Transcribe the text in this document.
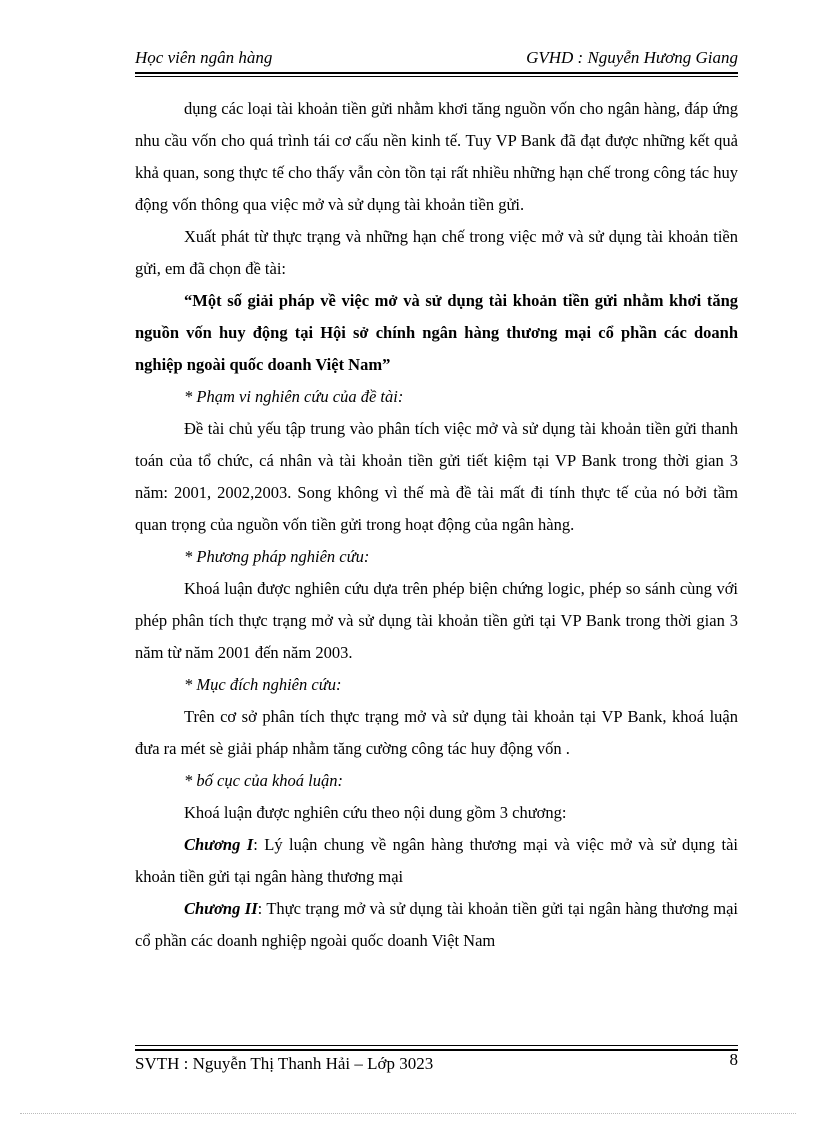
Học viên ngân hàng	GVHD : Nguyễn Hương Giang

dụng các loại tài khoản tiền gửi nhằm khơi tăng nguồn vốn cho ngân hàng, đáp ứng nhu cầu vốn cho quá trình tái cơ cấu nền kinh tế. Tuy VP Bank đã đạt được những kết quả khả quan, song thực tế cho thấy vẫn còn tồn tại rất nhiều những hạn chế trong công tác huy động vốn thông qua việc mở và sử dụng tài khoản tiền gửi.

Xuất phát từ thực trạng và những hạn chế trong việc mở và sử dụng tài khoản tiền gửi, em đã chọn đề tài:

“Một số giải pháp về việc mở và sử dụng tài khoản tiền gửi nhằm khơi tăng nguồn vốn huy động tại Hội sở chính ngân hàng thương mại cổ phần các doanh nghiệp ngoài quốc doanh Việt Nam”

* Phạm vi nghiên cứu của đề tài:

Đề tài chủ yếu tập trung vào phân tích việc mở và sử dụng tài khoản tiền gửi thanh toán của tổ chức, cá nhân và tài khoản tiền gửi tiết kiệm tại VP Bank trong thời gian 3 năm: 2001, 2002,2003. Song không vì thế mà đề tài mất đi tính thực tế của nó bởi tầm quan trọng của nguồn vốn tiền gửi trong hoạt động của ngân hàng.

* Phương pháp nghiên cứu:

Khoá luận được nghiên cứu dựa trên phép biện chứng logic, phép so sánh cùng với phép phân tích thực trạng mở và sử dụng tài khoản tiền gửi tại VP Bank trong thời gian 3 năm từ năm 2001 đến năm 2003.

* Mục đích nghiên cứu:

Trên cơ sở phân tích thực trạng mở và sử dụng tài khoản tại VP Bank, khoá luận đưa ra mét sè giải pháp nhằm tăng cường công tác huy động vốn .

* bố cục của khoá luận:

Khoá luận được nghiên cứu theo nội dung gồm 3 chương:

Chương I: Lý luận chung về ngân hàng thương mại và việc mở và sử dụng tài khoản tiền gửi tại ngân hàng thương mại

Chương II: Thực trạng mở và sử dụng tài khoản tiền gửi tại ngân hàng thương mại cổ phần các doanh nghiệp ngoài quốc doanh Việt Nam

SVTH : Nguyễn Thị Thanh Hải – Lớp 3023	8
